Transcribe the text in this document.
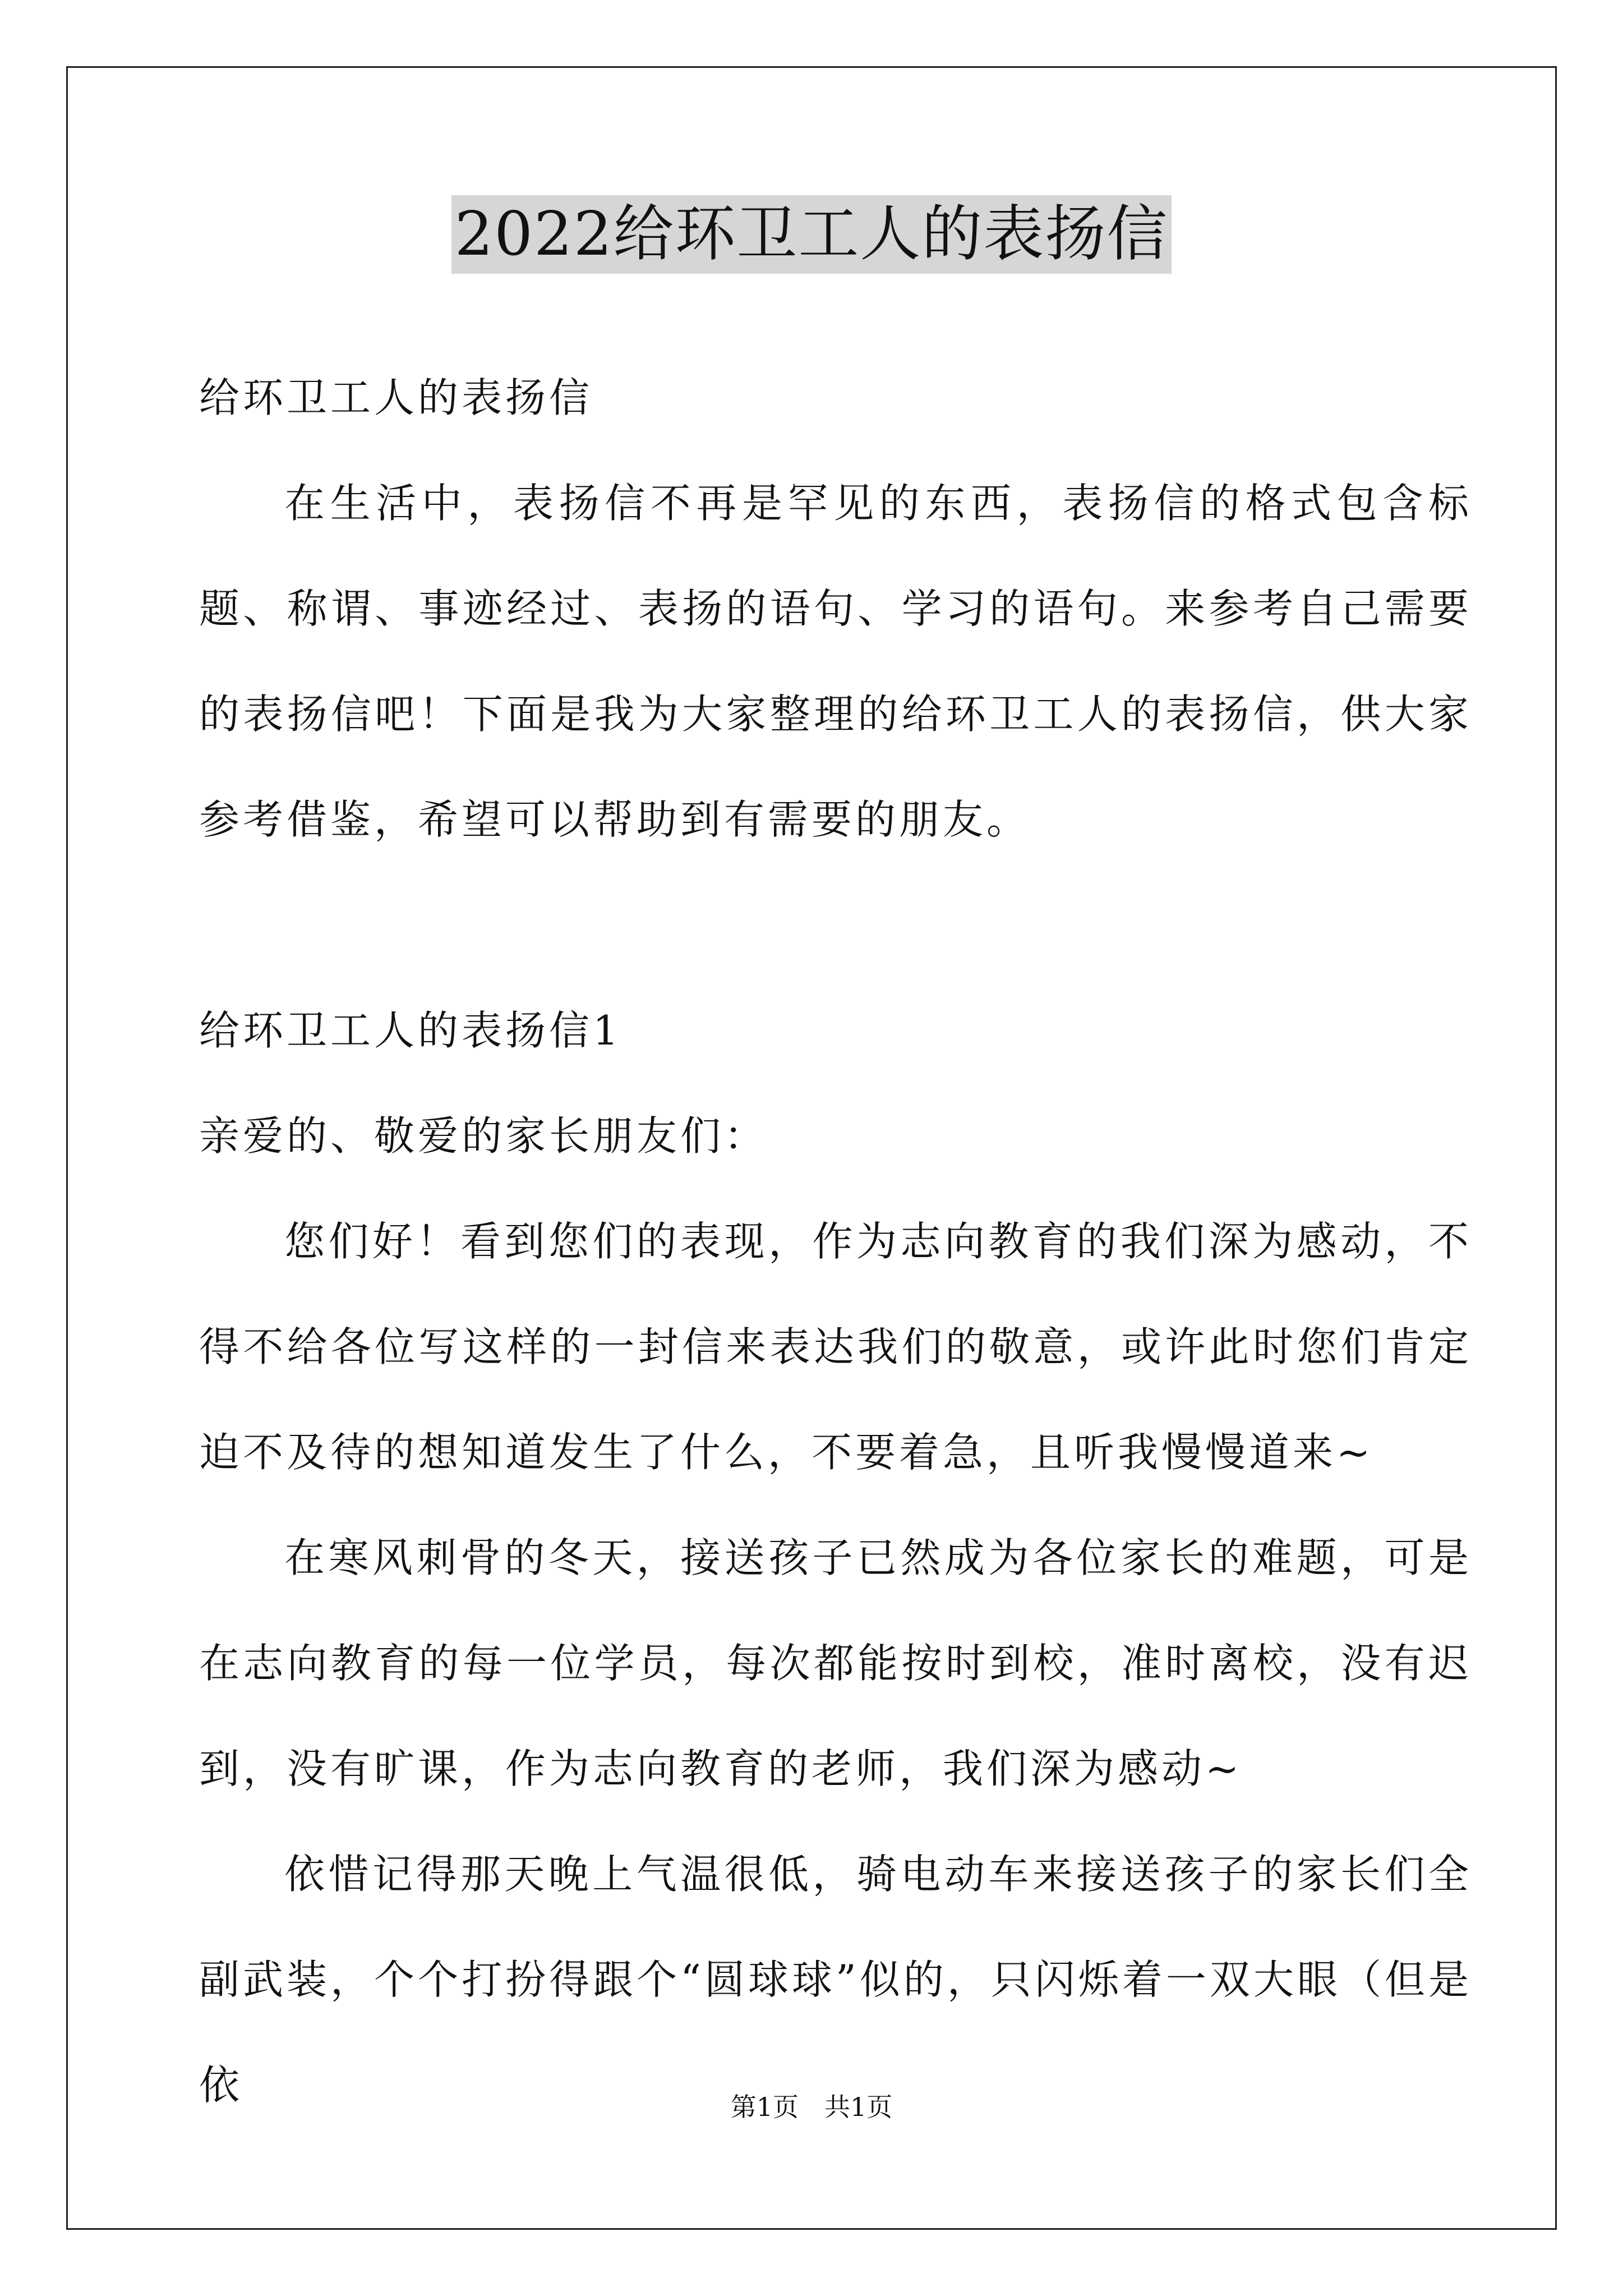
2022给环卫工人的表扬信

给环卫工人的表扬信

在生活中，表扬信不再是罕见的东西，表扬信的格式包含标题、称谓、事迹经过、表扬的语句、学习的语句。来参考自己需要的表扬信吧！下面是我为大家整理的给环卫工人的表扬信，供大家参考借鉴，希望可以帮助到有需要的朋友。

给环卫工人的表扬信1

亲爱的、敬爱的家长朋友们：

您们好！看到您们的表现，作为志向教育的我们深为感动，不得不给各位写这样的一封信来表达我们的敬意，或许此时您们肯定迫不及待的想知道发生了什么，不要着急，且听我慢慢道来~

在寒风刺骨的冬天，接送孩子已然成为各位家长的难题，可是在志向教育的每一位学员，每次都能按时到校，准时离校，没有迟到，没有旷课，作为志向教育的老师，我们深为感动~

依惜记得那天晚上气温很低，骑电动车来接送孩子的家长们全副武装，个个打扮得跟个“圆球球”似的，只闪烁着一双大眼（但是依	第1页 共1页
